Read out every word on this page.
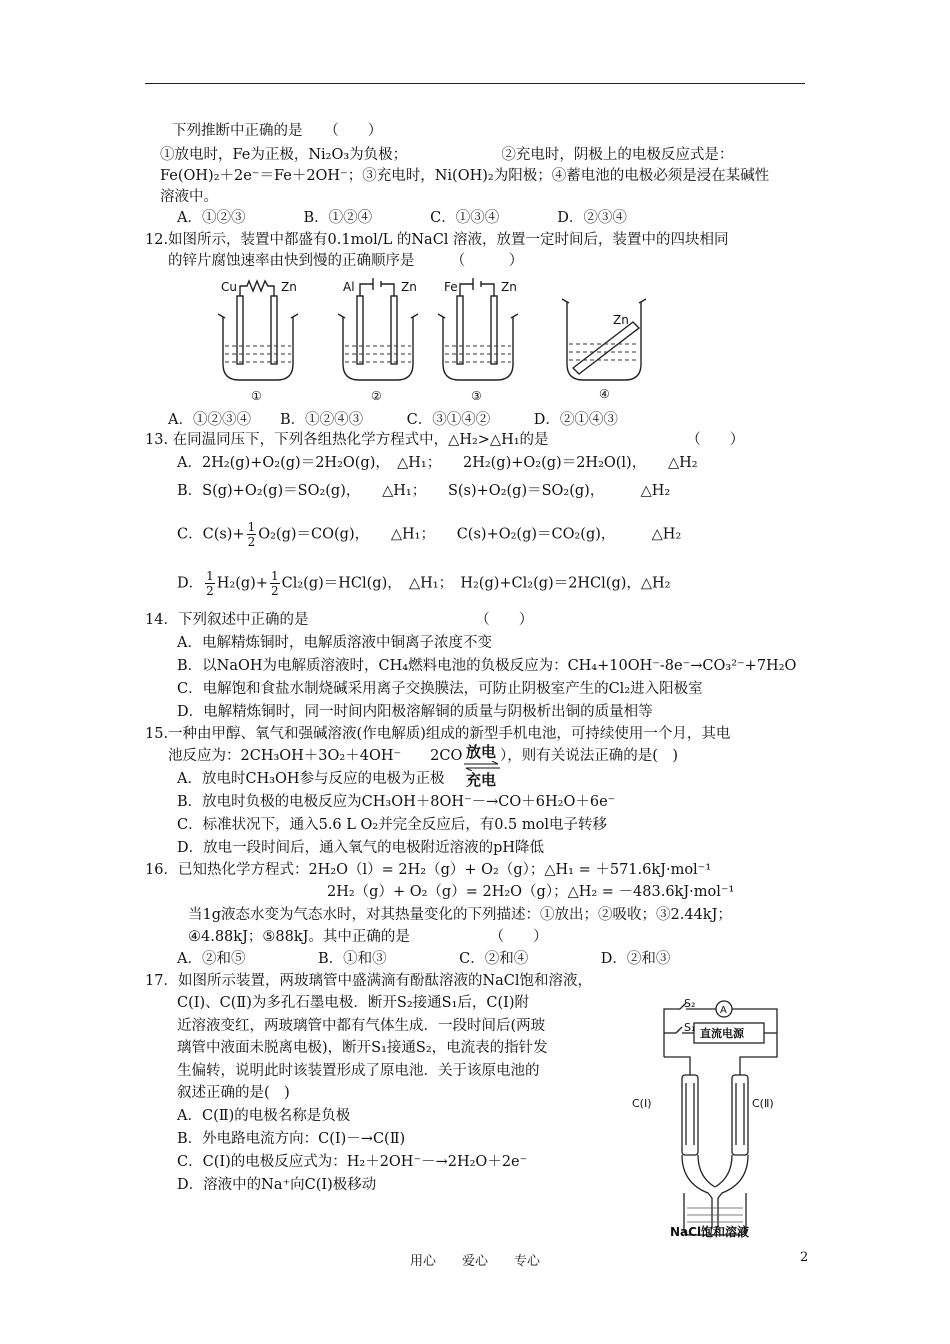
下列推断中正确的是　　（　　）
①放电时，Fe为正极，Ni₂O₃为负极；　　　　　　　②充电时，阴极上的电极反应式是：
Fe(OH)₂＋2e⁻＝Fe＋2OH⁻；③充电时，Ni(OH)₂为阳极；④蓄电池的电极必须是浸在某碱性
溶液中。
A．①②③　　　　B．①②④　　　　C．①③④　　　　D．②③④
12.如图所示，装置中都盛有0.1mol/L 的NaCl 溶液，放置一定时间后，装置中的四块相同
的锌片腐蚀速率由快到慢的正确顺序是　　　（　　　）
Cu	Zn	Al	Zn Fe	Zn
Zn
①	②	③	④
A．①②③④　　B．①②④③　　　C．③①④②　　　D．②①④③
13. 在同温同压下，下列各组热化学方程式中，△H₂>△H₁的是　　　　　　　　　　（　　）
A．2H₂(g)+O₂(g)＝2H₂O(g)，　△H₁；　　2H₂(g)+O₂(g)＝2H₂O(l)，　　△H₂
B．S(g)+O₂(g)＝SO₂(g)，　　△H₁；　　S(s)+O₂(g)＝SO₂(g)，　　　△H₂
C．$C(s)+ \frac{1}{2} O_2(g)=CO(g)$，　　△H₁；　　C(s)+O₂(g)＝CO₂(g)，　　　△H₂
D． $\frac{1}{2} H_2(g)+ \frac{1}{2} Cl_2(g)=HCl(g)$，　△H₁；　H₂(g)+Cl₂(g)＝2HCl(g)，△H₂
14．下列叙述中正确的是　　　　　　　　　　　　（　　）
A．电解精炼铜时，电解质溶液中铜离子浓度不变
B．以NaOH为电解质溶液时，CH₄燃料电池的负极反应为：CH₄+10OH⁻-8e⁻→CO₃²⁻+7H₂O
C．电解饱和食盐水制烧碱采用离子交换膜法，可防止阴极室产生的Cl₂进入阳极室
D．电解精炼铜时，同一时间内阳极溶解铜的质量与阴极析出铜的质量相等
15.一种由甲醇、氧气和强碱溶液(作电解质)组成的新型手机电池，可持续使用一个月，其电
池反应为：2CH₃OH＋3O₂＋4OH⁻　　2CO 放电 ），则有关说法正确的是(　)
A．放电时CH₃OH参与反应的电极为正极 充电
B．放电时负极的电极反应为CH₃OH＋8OH⁻－→CO＋6H₂O＋6e⁻
C．标准状况下，通入5.6 L O₂并完全反应后，有0.5 mol电子转移
D．放电一段时间后，通入氧气的电极附近溶液的pH降低
16．已知热化学方程式：2H₂O（l）= 2H₂（g）+ O₂（g）；△H₁ = ＋571.6kJ·mol⁻¹
2H₂（g）+ O₂（g）= 2H₂O（g）；△H₂ = －483.6kJ·mol⁻¹
当1g液态水变为气态水时，对其热量变化的下列描述：①放出；②吸收；③2.44kJ；
④4.88kJ；⑤88kJ。其中正确的是　　　　　　（　　）
A．②和⑤　　　　　B．①和③　　　　　C．②和④　　　　　D．②和③
17．如图所示装置，两玻璃管中盛满滴有酚酞溶液的NaCl饱和溶液，
C(Ⅰ)、C(Ⅱ)为多孔石墨电极．断开S₂接通S₁后，C(Ⅰ)附
近溶液变红，两玻璃管中都有气体生成．一段时间后(两玻
璃管中液面未脱离电极)，断开S₁接通S₂，电流表的指针发
生偏转，说明此时该装置形成了原电池．关于该原电池的
叙述正确的是(　)
A．C(Ⅱ)的电极名称是负极
B．外电路电流方向：C(Ⅰ)－→C(Ⅱ)
C．C(Ⅰ)的电极反应式为：H₂＋2OH⁻－→2H₂O＋2e⁻
D．溶液中的Na⁺向C(Ⅰ)极移动
S₂
S₁
A
直流电源
C(Ⅰ)	C(Ⅱ)
NaCl饱和溶液
用心　　爱心　　专心	2
